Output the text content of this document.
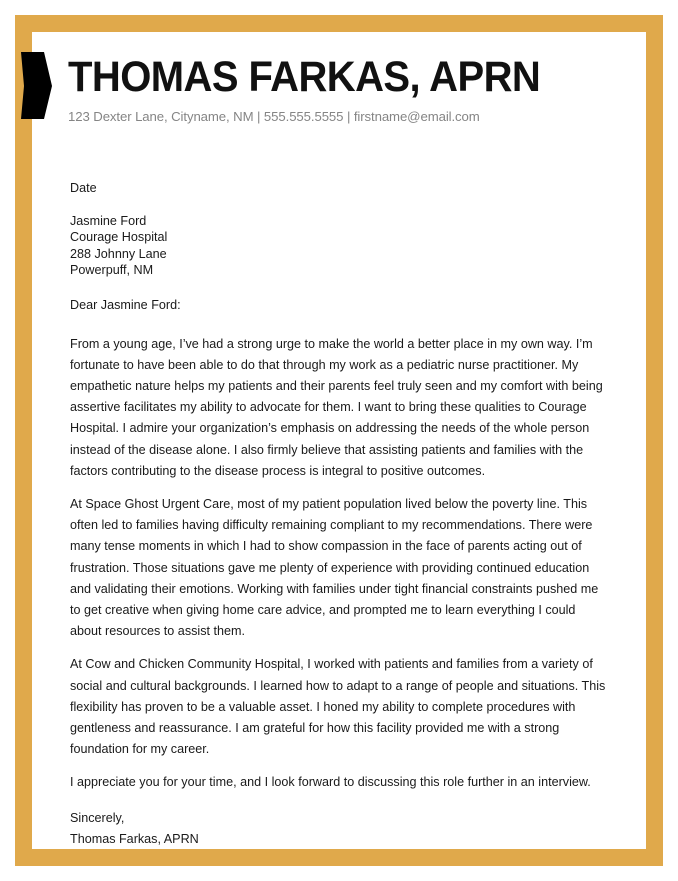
THOMAS FARKAS, APRN

123 Dexter Lane, Cityname, NM | 555.555.5555 | firstname@email.com

Date
Jasmine Ford
Courage Hospital
288 Johnny Lane
Powerpuff, NM
Dear Jasmine Ford:

From a young age, I’ve had a strong urge to make the world a better place in my own way. I’m fortunate to have been able to do that through my work as a pediatric nurse practitioner. My empathetic nature helps my patients and their parents feel truly seen and my comfort with being assertive facilitates my ability to advocate for them. I want to bring these qualities to Courage Hospital. I admire your organization’s emphasis on addressing the needs of the whole person instead of the disease alone. I also firmly believe that assisting patients and families with the factors contributing to the disease process is integral to positive outcomes.

At Space Ghost Urgent Care, most of my patient population lived below the poverty line. This often led to families having difficulty remaining compliant to my recommendations. There were many tense moments in which I had to show compassion in the face of parents acting out of frustration. Those situations gave me plenty of experience with providing continued education and validating their emotions. Working with families under tight financial constraints pushed me to get creative when giving home care advice, and prompted me to learn everything I could about resources to assist them.

At Cow and Chicken Community Hospital, I worked with patients and families from a variety of social and cultural backgrounds. I learned how to adapt to a range of people and situations. This flexibility has proven to be a valuable asset. I honed my ability to complete procedures with gentleness and reassurance. I am grateful for how this facility provided me with a strong foundation for my career.

I appreciate you for your time, and I look forward to discussing this role further in an interview.

Sincerely,

Thomas Farkas, APRN
